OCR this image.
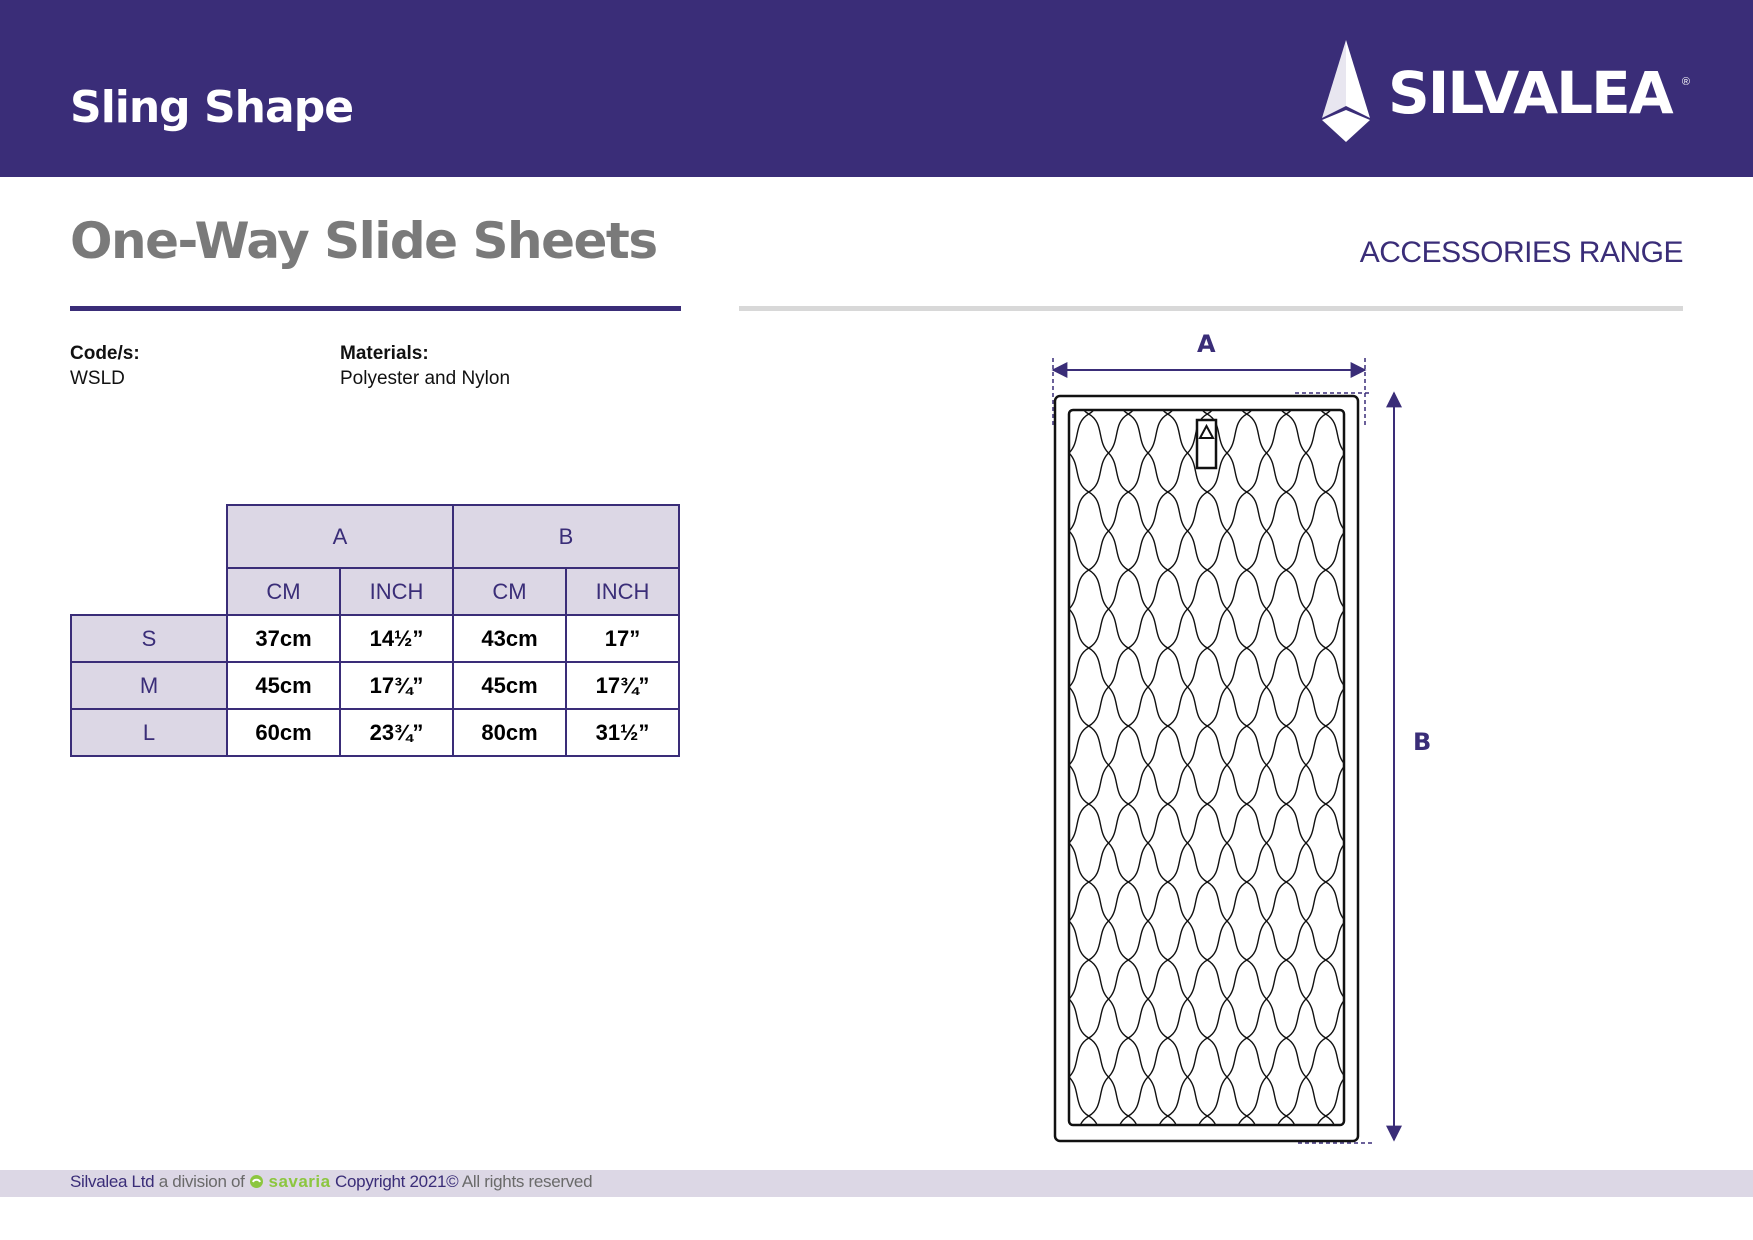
Sling Shape	SILVALEA ®
One-Way Slide Sheets	ACCESSORIES RANGE
Code/s:
WSLD
Materials:
Polyester and Nylon
	A		B	
	CM	INCH	CM	INCH
S	37cm	14½”	43cm	17”
M	45cm	17¾”	45cm	17¾”
L	60cm	23¾”	80cm	31½”
A
B
Silvalea Ltd a division of savaria Copyright 2021© All rights reserved
